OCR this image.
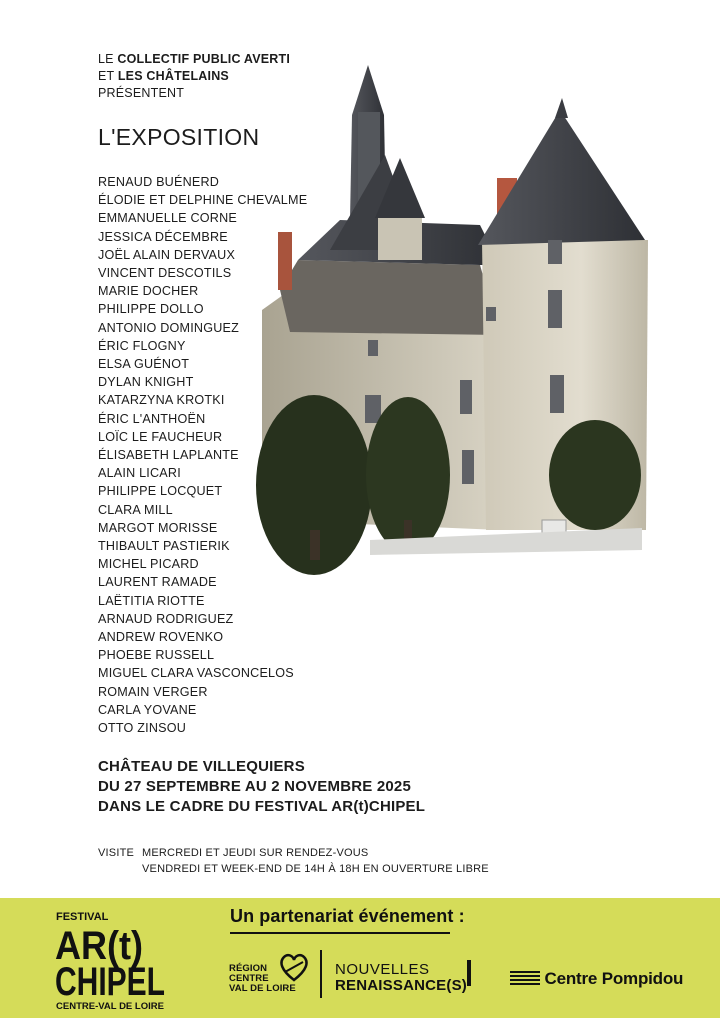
LE COLLECTIF PUBLIC AVERTI
ET LES CHÂTELAINS
PRÉSENTENT
L'EXPOSITION
RENAUD BUÉNERD
ÉLODIE ET DELPHINE CHEVALME
EMMANUELLE CORNE
JESSICA DÉCEMBRE
JOËL ALAIN DERVAUX
VINCENT DESCOTILS
MARIE DOCHER
PHILIPPE DOLLO
ANTONIO DOMINGUEZ
ÉRIC FLOGNY
ELSA GUÉNOT
DYLAN KNIGHT
KATARZYNA KROTKI
ÉRIC L'ANTHOËN
LOÏC LE FAUCHEUR
ÉLISABETH LAPLANTE
ALAIN LICARI
PHILIPPE LOCQUET
CLARA MILL
MARGOT MORISSE
THIBAULT PASTIERIK
MICHEL PICARD
LAURENT RAMADE
LAËTITIA RIOTTE
ARNAUD RODRIGUEZ
ANDREW ROVENKO
PHOEBE RUSSELL
MIGUEL CLARA VASCONCELOS
ROMAIN VERGER
CARLA YOVANE
OTTO ZINSOU
CHÂTEAU DE VILLEQUIERS
DU 27 SEPTEMBRE AU 2 NOVEMBRE 2025
DANS LE CADRE DU FESTIVAL AR(t)CHIPEL
VISITE MERCREDI ET JEUDI SUR RENDEZ-VOUS
VENDREDI ET WEEK-END DE 14H À 18H EN OUVERTURE LIBRE
FESTIVAL
AR(t)
CHIPEL
CENTRE-VAL DE LOIRE
Un partenariat événement :
RÉGION
CENTRE
VAL DE LOIRE
NOUVELLES
RENAISSANCE(S)	Centre Pompidou
